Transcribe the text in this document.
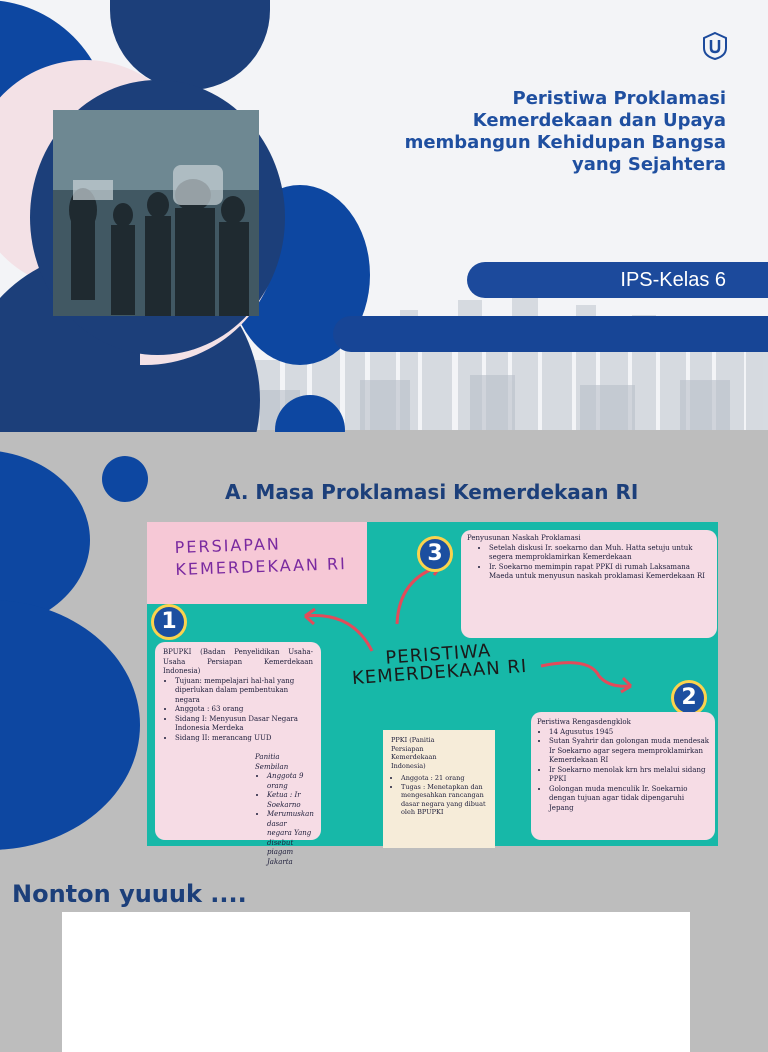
Peristiwa Proklamasi
Kemerdekaan dan Upaya
membangun Kehidupan Bangsa
yang Sejahtera
IPS-Kelas 6
A. Masa Proklamasi Kemerdekaan RI
PERSIAPAN KEMERDEKAAN RI
1

BPUPKI (Badan Penyelidikan Usaha-Usaha Persiapan Kemerdekaan Indonesia)

• Tujuan: mempelajari hal-hal yang diperlukan dalam pembentukan negara
• Anggota : 63 orang
• Sidang I: Menyusun Dasar Negara Indonesia Merdeka
• Sidang II: merancang UUD

Panitia Sembilan

• Anggota 9 orang
• Ketua : Ir Soekarno
• Merumuskan dasar negara Yang disebut piagam Jakarta
PERISTIWA KEMERDEKAAN RI
3

Penyusunan Naskah Proklamasi

• Setelah diskusi Ir. soekarno dan Muh. Hatta setuju untuk segera memproklamirkan Kemerdekaan
• Ir. Soekarno memimpin rapat PPKI di rumah Laksamana Maeda untuk menyusun naskah proklamasi Kemerdekaan RI
2

Peristiwa Rengasdengklok

• 14 Agusutus 1945
• Sutan Syahrir dan golongan muda mendesak Ir Soekarno agar segera memproklamirkan Kemerdekaan RI
• Ir Soekarno menolak krn hrs melalui sidang PPKI
• Golongan muda menculik Ir. Soekarnio dengan tujuan agar tidak dipengaruhi Jepang

PPKI (Panitia Persiapan Kemerdekaan Indonesia)

• Anggota : 21 orang
• Tugas : Menetapkan dan mengesahkan rancangan dasar negara yang dibuat oleh BPUPKI
Nonton yuuuk ....
